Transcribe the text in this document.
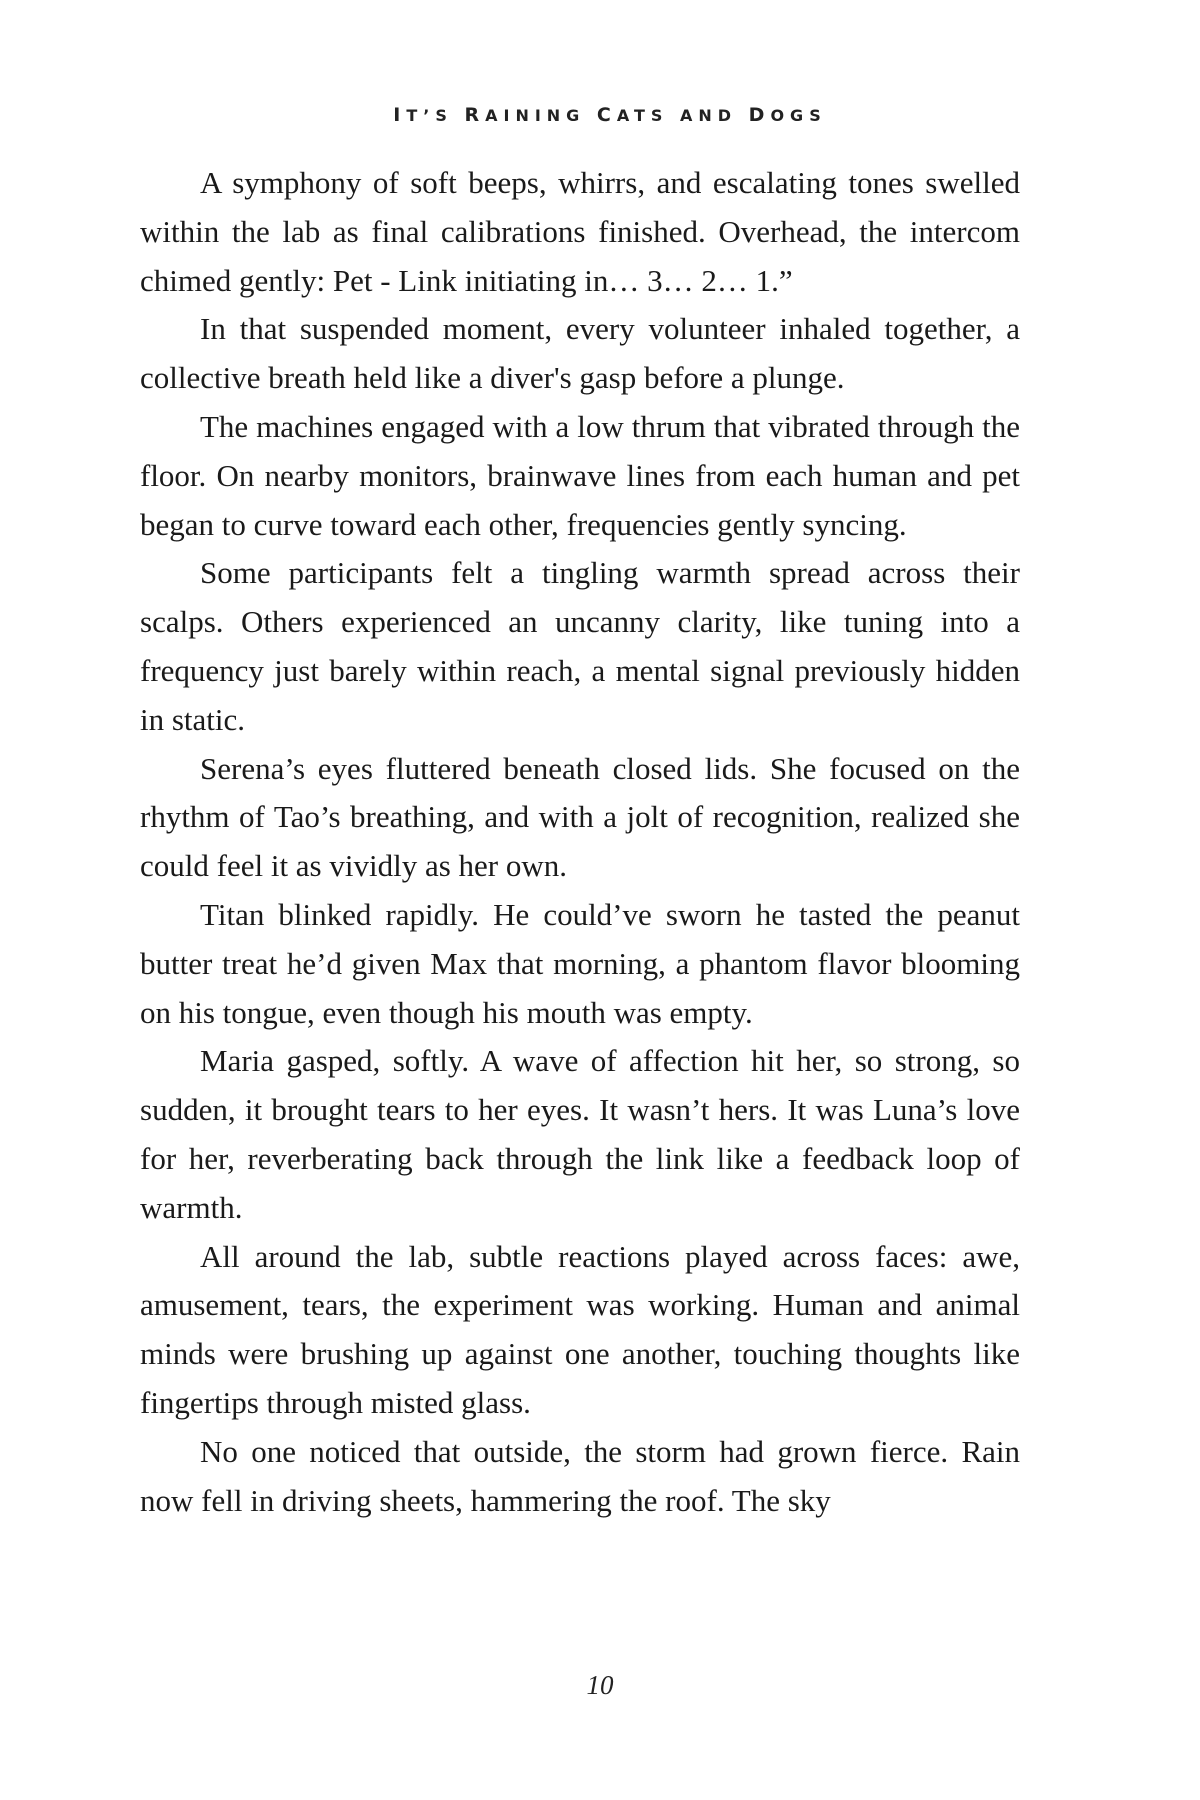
IT’S RAINING CATS AND DOGS

A symphony of soft beeps, whirrs, and escalating tones swelled within the lab as final calibrations finished. Overhead, the intercom chimed gently: Pet - Link initiating in… 3… 2… 1.”

In that suspended moment, every volunteer inhaled together, a collective breath held like a diver's gasp before a plunge.

The machines engaged with a low thrum that vibrated through the floor. On nearby monitors, brainwave lines from each human and pet began to curve toward each other, frequencies gently syncing.

Some participants felt a tingling warmth spread across their scalps. Others experienced an uncanny clarity, like tuning into a frequency just barely within reach, a mental signal previously hidden in static.

Serena’s eyes fluttered beneath closed lids. She focused on the rhythm of Tao’s breathing, and with a jolt of recognition, realized she could feel it as vividly as her own.

Titan blinked rapidly. He could’ve sworn he tasted the peanut butter treat he’d given Max that morning, a phantom flavor blooming on his tongue, even though his mouth was empty.

Maria gasped, softly. A wave of affection hit her, so strong, so sudden, it brought tears to her eyes. It wasn’t hers. It was Luna’s love for her, reverberating back through the link like a feedback loop of warmth.

All around the lab, subtle reactions played across faces: awe, amusement, tears, the experiment was working. Human and animal minds were brushing up against one another, touching thoughts like fingertips through misted glass.

No one noticed that outside, the storm had grown fierce. Rain now fell in driving sheets, hammering the roof. The sky

10
